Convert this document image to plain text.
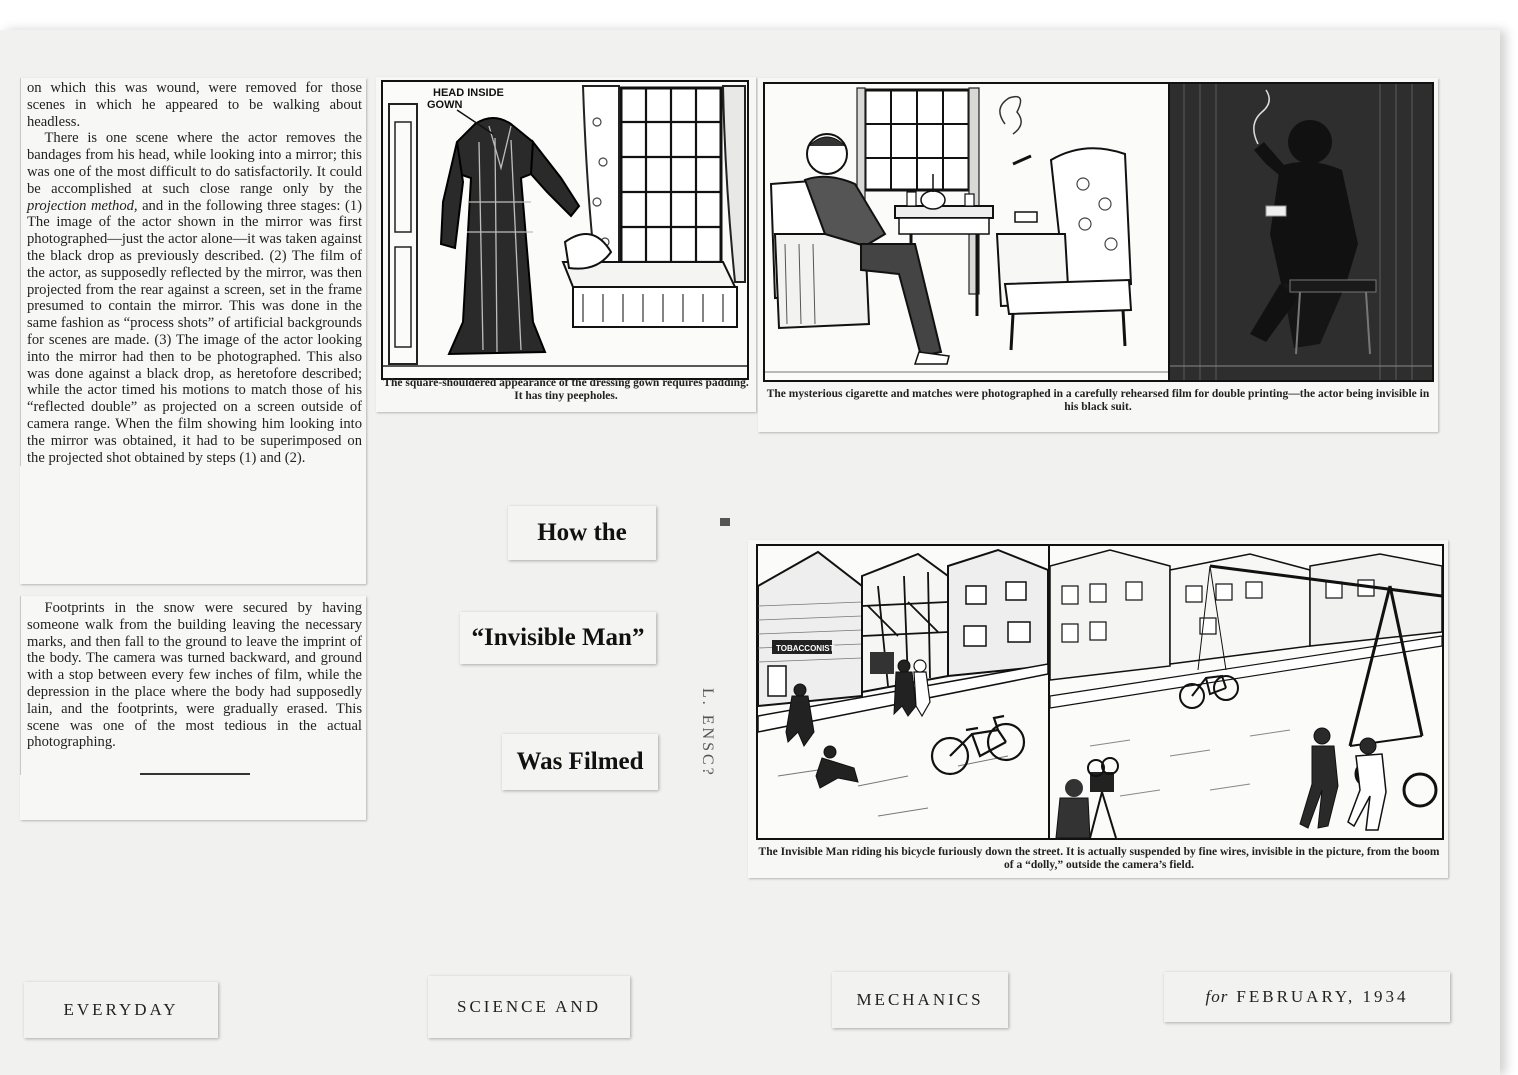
on which this was wound, were removed for those scenes in which he appeared to be walking about headless.

There is one scene where the actor removes the bandages from his head, while looking into a mirror; this was one of the most difficult to do satisfactorily. It could be accomplished at such close range only by the projection method, and in the following three stages: (1) The image of the actor shown in the mirror was first photographed—just the actor alone—it was taken against the black drop as previously described. (2) The film of the actor, as supposedly reflected by the mirror, was then projected from the rear against a screen, set in the frame presumed to contain the mirror. This was done in the same fashion as “process shots” of artificial backgrounds for scenes are made. (3) The image of the actor looking into the mirror had then to be photographed. This also was done against a black drop, as heretofore described; while the actor timed his motions to match those of his “reflected double” as projected on a screen outside of camera range. When the film showing him looking into the mirror was obtained, it had to be superimposed on the projected shot obtained by steps (1) and (2).

Footprints in the snow were secured by having someone walk from the building leaving the necessary marks, and then fall to the ground to leave the imprint of the body. The camera was turned backward, and ground with a stop between every few inches of film, while the depression in the place where the body had supposedly lain, and the footprints, were gradually erased. This scene was one of the most tedious in the actual photographing.

HEAD INSIDE
GOWN
The square-shouldered appearance of the dressing gown requires padding. It has tiny peepholes.	The mysterious cigarette and matches were photographed in a carefully rehearsed film for double printing—the actor being invisible in his black suit.
TOBACCONIST
The Invisible Man riding his bicycle furiously down the street. It is actually suspended by fine wires, invisible in the picture, from the boom of a “dolly,” outside the camera’s field.
How the
“Invisible Man”
Was Filmed	L. ENSC?
EVERYDAY	SCIENCE AND	MECHANICS	for FEBRUARY, 1934
